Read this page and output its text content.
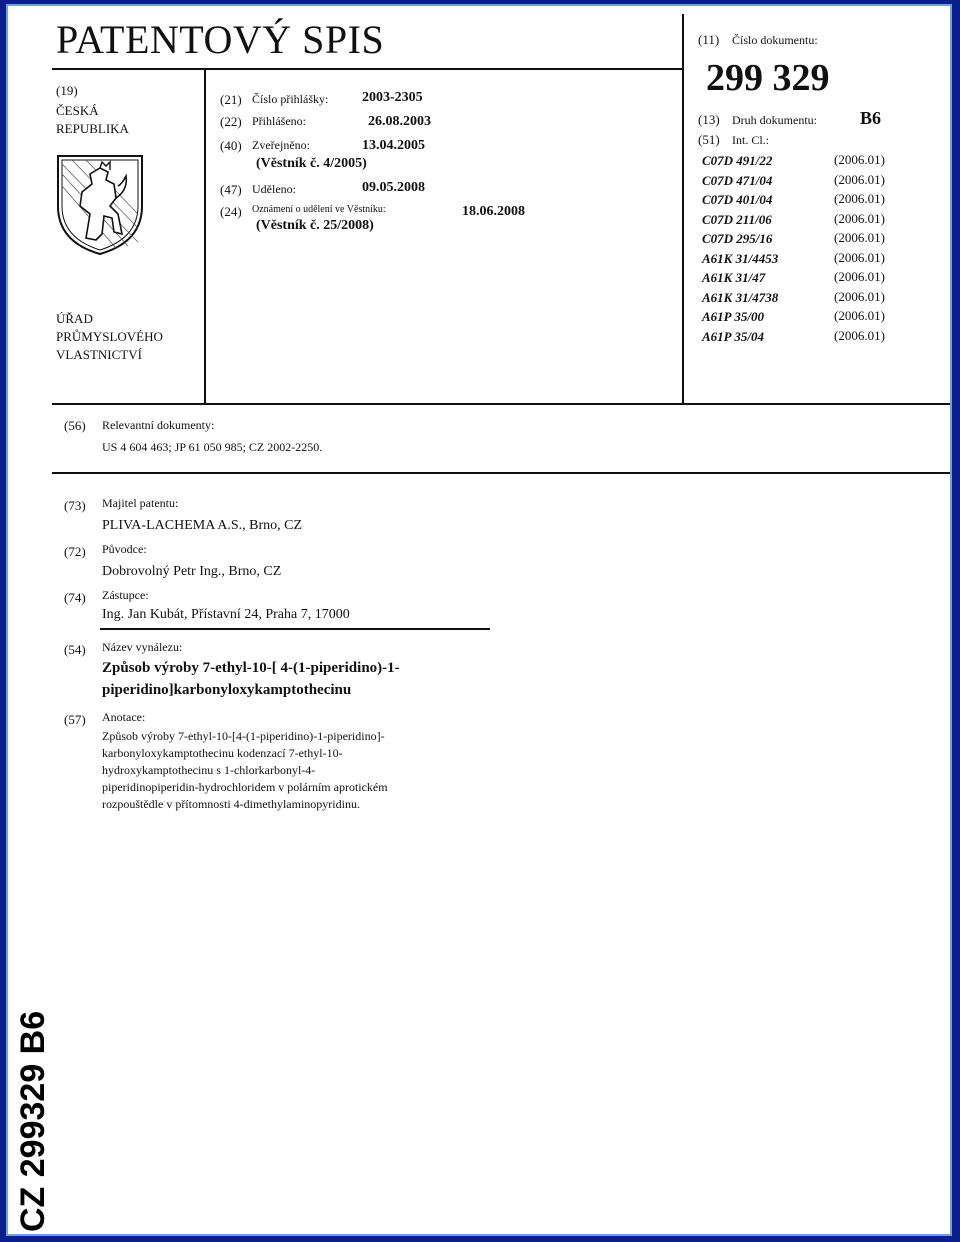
PATENTOVÝ SPIS
(19)
ČESKÁ
REPUBLIKA
ÚŘAD
PRŮMYSLOVÉHO
VLASTNICTVÍ
(21) Číslo přihlášky: 2003-2305
(22) Přihlášeno:	26.08.2003
(40) Zveřejněno:	13.04.2005
(Věstník č. 4/2005)
(47) Uděleno:	09.05.2008
(24) Oznámení o udělení ve Věstníku:	18.06.2008
(Věstník č. 25/2008)
(11) Číslo dokumentu:
299 329
(13) Druh dokumentu: B6
(51) Int. Cl.:
C07D 491/22	(2006.01)
C07D 471/04	(2006.01)
C07D 401/04	(2006.01)
C07D 211/06	(2006.01)
C07D 295/16	(2006.01)
A61K 31/4453	(2006.01)
A61K 31/47	(2006.01)
A61K 31/4738	(2006.01)
A61P 35/00	(2006.01)
A61P 35/04	(2006.01)
(56) Relevantní dokumenty:
US 4 604 463; JP 61 050 985; CZ 2002-2250.
(73) Majitel patentu:
PLIVA-LACHEMA A.S., Brno, CZ
(72) Původce:
Dobrovolný Petr Ing., Brno, CZ
(74) Zástupce:
Ing. Jan Kubát, Přístavní 24, Praha 7, 17000
(54) Název vynálezu:
Způsob výroby 7-ethyl-10-[ 4-(1-piperidino)-1-
piperidino]karbonyloxykamptothecinu
(57) Anotace:
Způsob výroby 7-ethyl-10-[4-(1-piperidino)-1-piperidino]-
karbonyloxykamptothecinu kodenzací 7-ethyl-10-
hydroxykamptothecinu s 1-chlorkarbonyl-4-
piperidinopiperidin-hydrochloridem v polárním aprotickém
rozpouštědle v přítomnosti 4-dimethylaminopyridinu.
CZ 299329 B6
